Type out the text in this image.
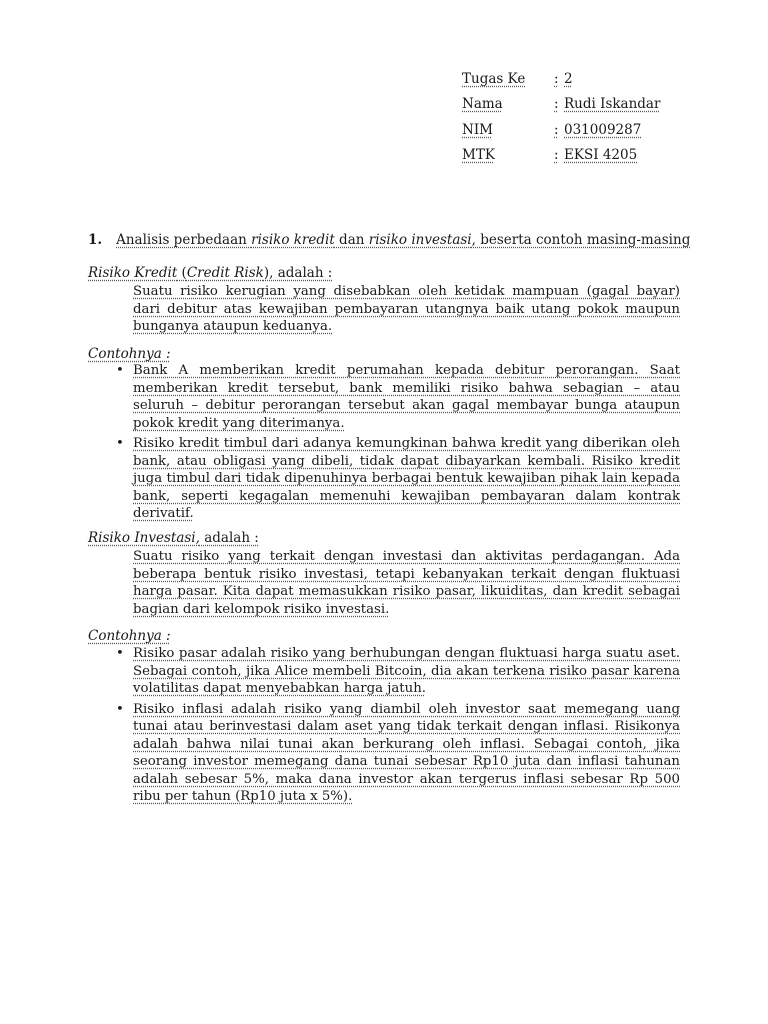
Tugas Ke	: 2
Nama	: Rudi Iskandar
NIM	: 031009287
MTK	: EKSI 4205
1. Analisis perbedaan risiko kredit dan risiko investasi, beserta contoh masing-masing
Risiko Kredit (Credit Risk), adalah :
Suatu risiko kerugian yang disebabkan oleh ketidak mampuan (gagal bayar) dari debitur atas kewajiban pembayaran utangnya baik utang pokok maupun bunganya ataupun keduanya.
Contohnya :
• Bank A memberikan kredit perumahan kepada debitur perorangan. Saat memberikan kredit tersebut, bank memiliki risiko bahwa sebagian – atau seluruh – debitur perorangan tersebut akan gagal membayar bunga ataupun pokok kredit yang diterimanya.
• Risiko kredit timbul dari adanya kemungkinan bahwa kredit yang diberikan oleh bank, atau obligasi yang dibeli, tidak dapat dibayarkan kembali. Risiko kredit juga timbul dari tidak dipenuhinya berbagai bentuk kewajiban pihak lain kepada bank, seperti kegagalan memenuhi kewajiban pembayaran dalam kontrak derivatif.
Risiko Investasi, adalah :
Suatu risiko yang terkait dengan investasi dan aktivitas perdagangan. Ada beberapa bentuk risiko investasi, tetapi kebanyakan terkait dengan fluktuasi harga pasar. Kita dapat memasukkan risiko pasar, likuiditas, dan kredit sebagai bagian dari kelompok risiko investasi.
Contohnya :
• Risiko pasar adalah risiko yang berhubungan dengan fluktuasi harga suatu aset. Sebagai contoh, jika Alice membeli Bitcoin, dia akan terkena risiko pasar karena volatilitas dapat menyebabkan harga jatuh.
• Risiko inflasi adalah risiko yang diambil oleh investor saat memegang uang tunai atau berinvestasi dalam aset yang tidak terkait dengan inflasi. Risikonya adalah bahwa nilai tunai akan berkurang oleh inflasi. Sebagai contoh, jika seorang investor memegang dana tunai sebesar Rp10 juta dan inflasi tahunan adalah sebesar 5%, maka dana investor akan tergerus inflasi sebesar Rp 500 ribu per tahun (Rp10 juta x 5%).
